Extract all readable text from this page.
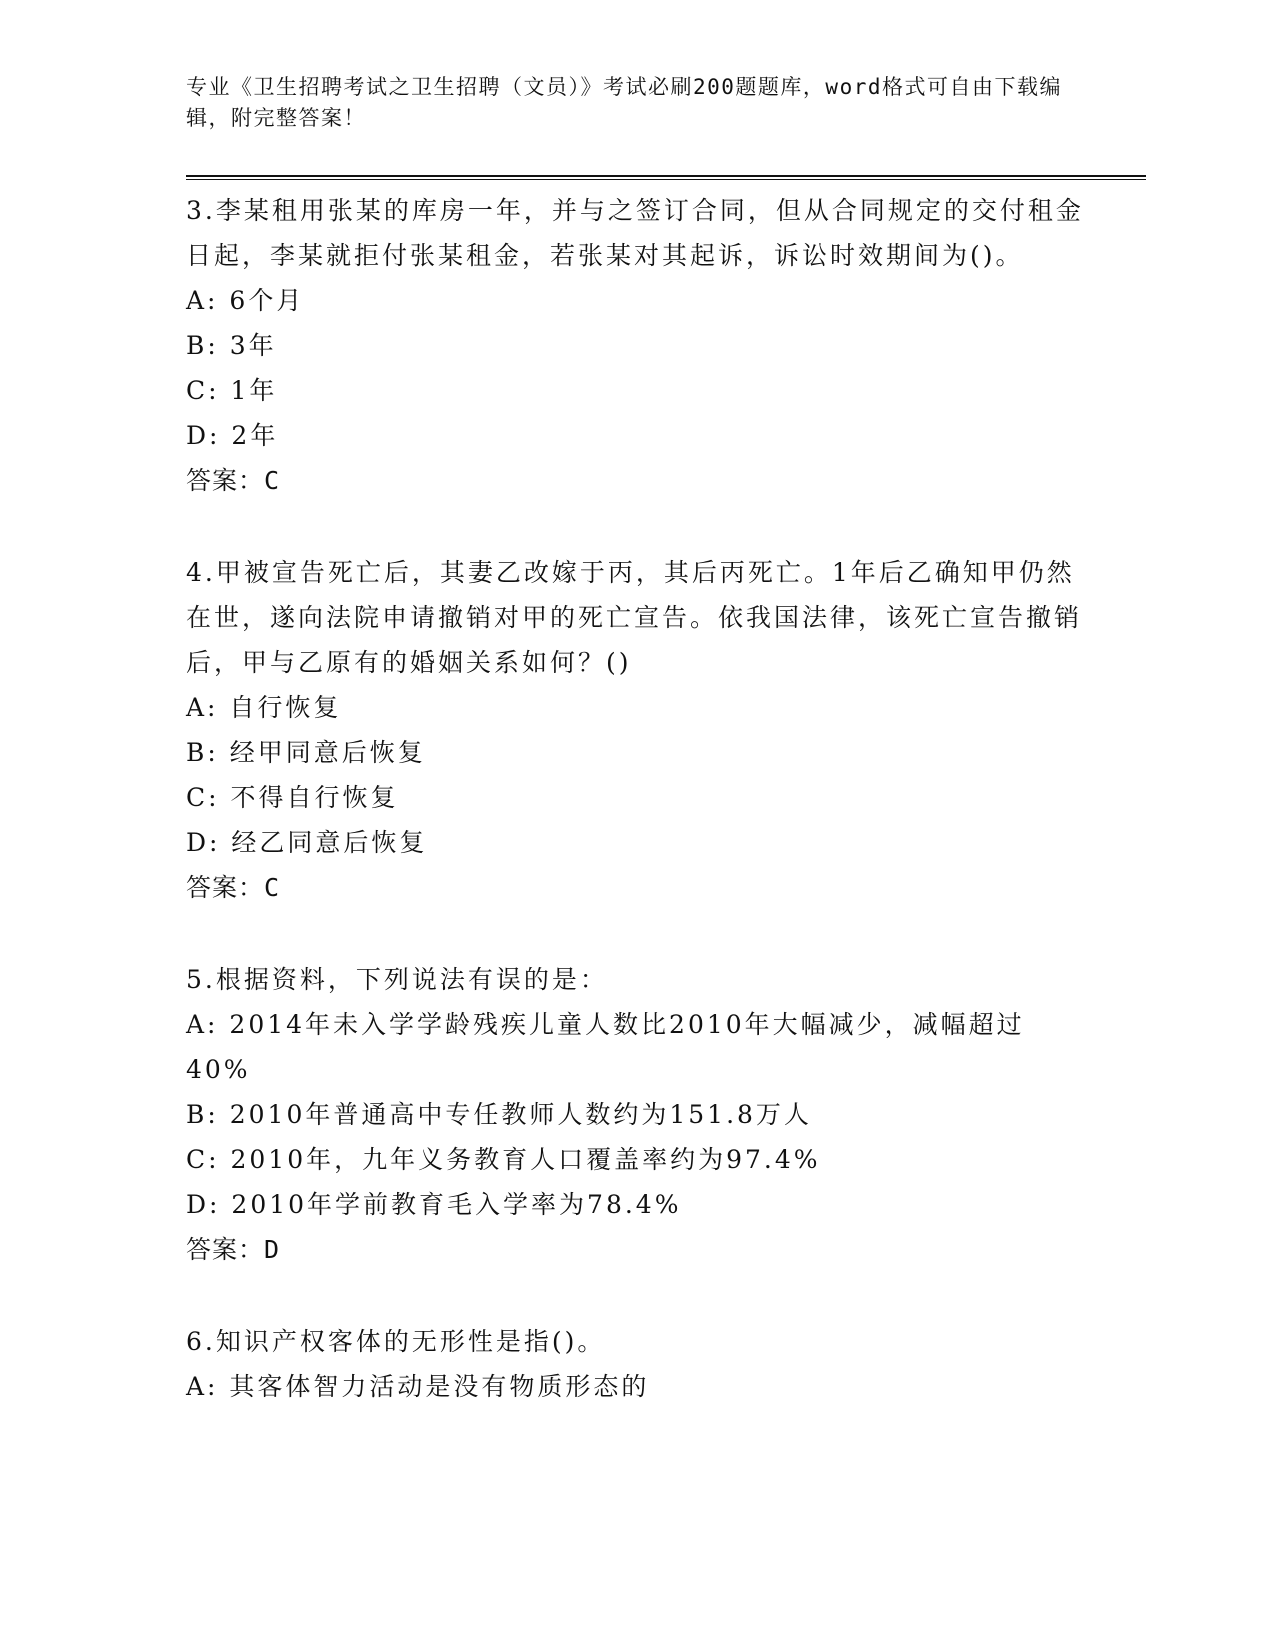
专业《卫生招聘考试之卫生招聘（文员）》考试必刷200题题库，word格式可自由下载编辑，附完整答案！
3.李某租用张某的库房一年，并与之签订合同，但从合同规定的交付租金日起，李某就拒付张某租金，若张某对其起诉，诉讼时效期间为()。
A: 6个月
B: 3年
C: 1年
D: 2年
答案：C
4.甲被宣告死亡后，其妻乙改嫁于丙，其后丙死亡。1年后乙确知甲仍然在世，遂向法院申请撤销对甲的死亡宣告。依我国法律，该死亡宣告撤销后，甲与乙原有的婚姻关系如何？()
A: 自行恢复
B: 经甲同意后恢复
C: 不得自行恢复
D: 经乙同意后恢复
答案：C
5.根据资料，下列说法有误的是：
A: 2014年未入学学龄残疾儿童人数比2010年大幅减少，减幅超过40%
B: 2010年普通高中专任教师人数约为151.8万人
C: 2010年，九年义务教育人口覆盖率约为97.4%
D: 2010年学前教育毛入学率为78.4%
答案：D
6.知识产权客体的无形性是指()。
A: 其客体智力活动是没有物质形态的
